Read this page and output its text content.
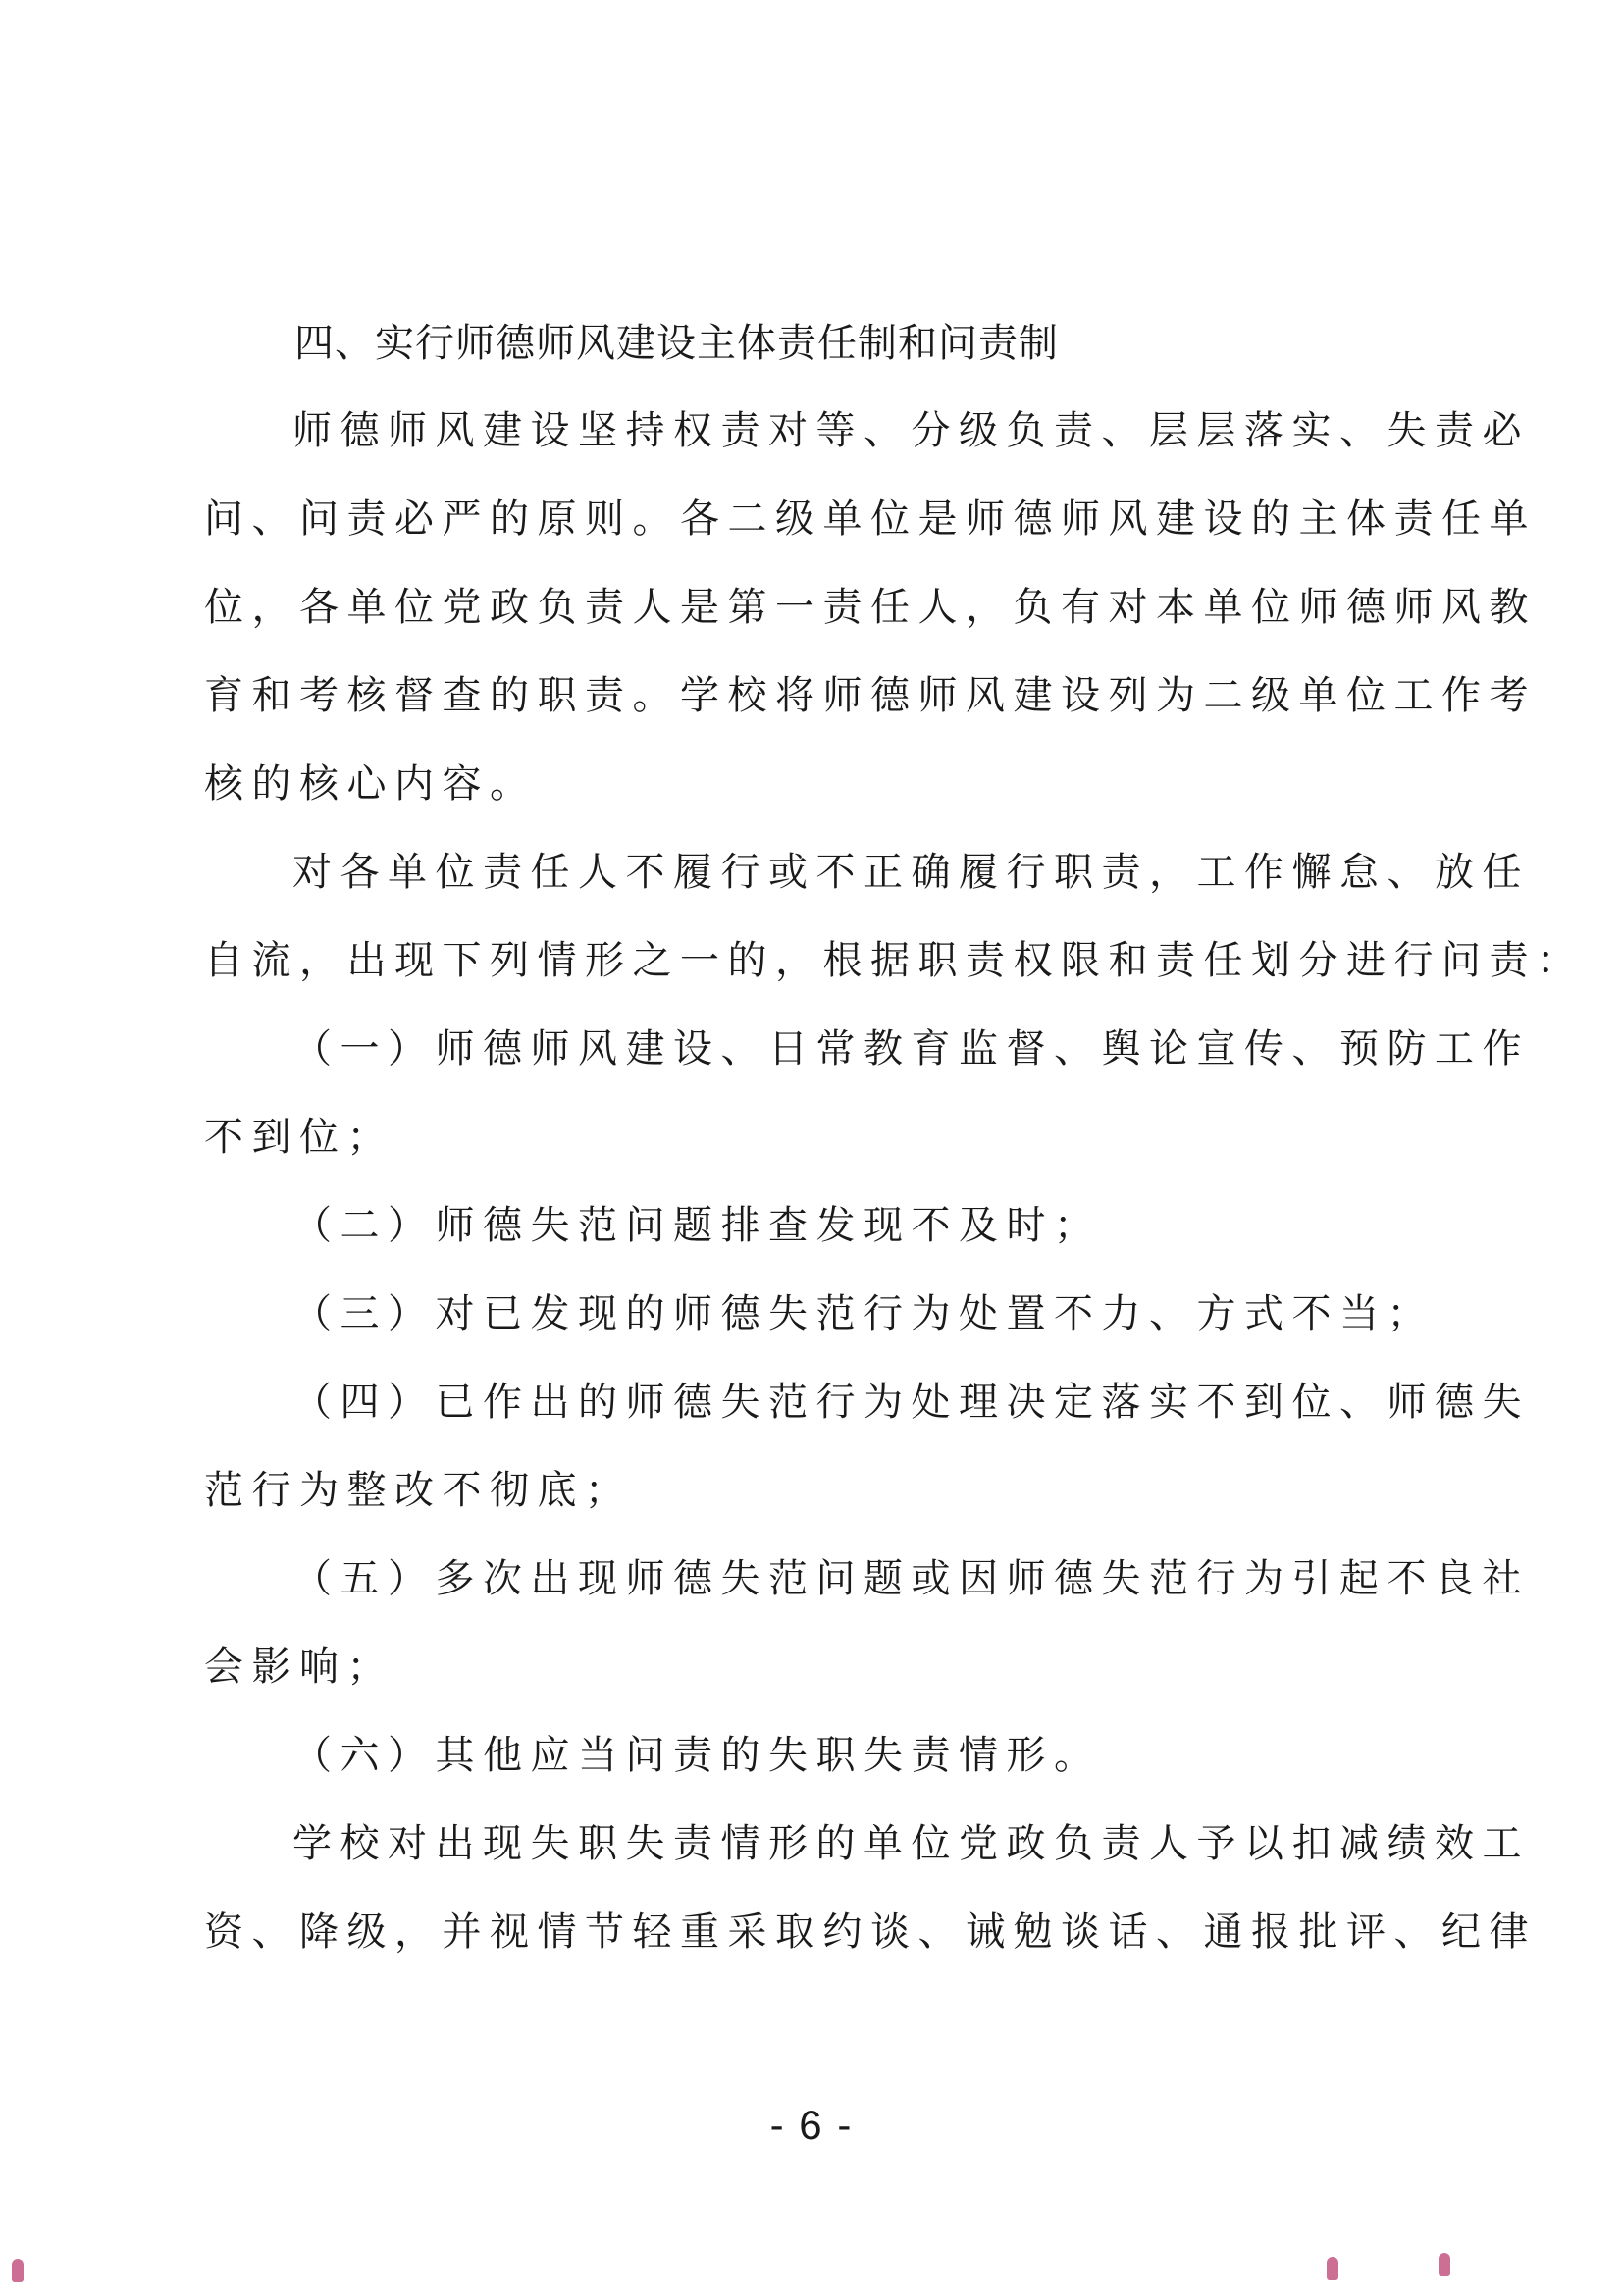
四、实行师德师风建设主体责任制和问责制
师德师风建设坚持权责对等、分级负责、层层落实、失责必
问、问责必严的原则。各二级单位是师德师风建设的主体责任单
位，各单位党政负责人是第一责任人，负有对本单位师德师风教
育和考核督查的职责。学校将师德师风建设列为二级单位工作考
核的核心内容。
对各单位责任人不履行或不正确履行职责，工作懈怠、放任
自流，出现下列情形之一的，根据职责权限和责任划分进行问责：
（一）师德师风建设、日常教育监督、舆论宣传、预防工作
不到位；
（二）师德失范问题排查发现不及时；
（三）对已发现的师德失范行为处置不力、方式不当；
（四）已作出的师德失范行为处理决定落实不到位、师德失
范行为整改不彻底；
（五）多次出现师德失范问题或因师德失范行为引起不良社
会影响；
（六）其他应当问责的失职失责情形。
学校对出现失职失责情形的单位党政负责人予以扣减绩效工
资、降级，并视情节轻重采取约谈、诫勉谈话、通报批评、纪律
- 6 -
